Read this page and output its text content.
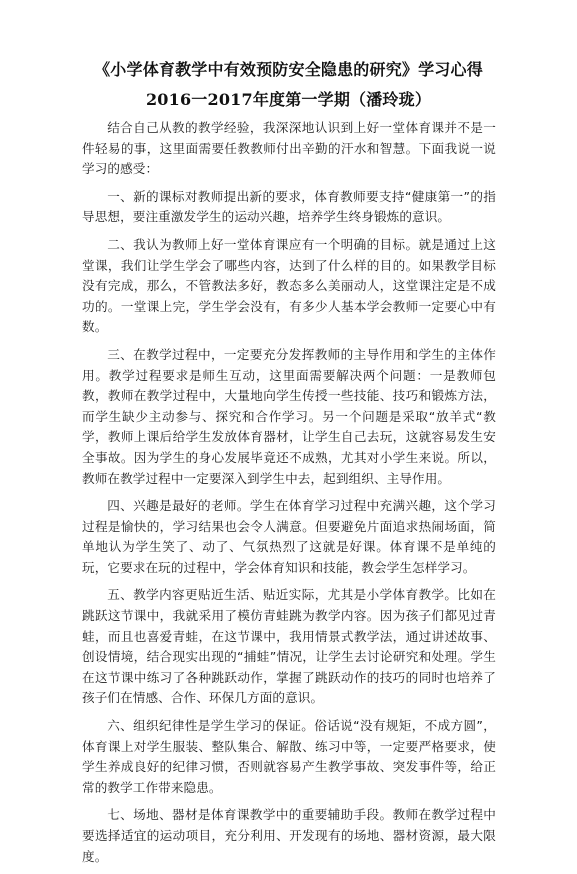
《小学体育教学中有效预防安全隐患的研究》学习心得
2016一2017年度第一学期（潘玲珑）

结合自己从教的教学经验，我深深地认识到上好一堂体育课并不是一件轻易的事，这里面需要任教教师付出辛勤的汗水和智慧。下面我说一说学习的感受：

一、新的课标对教师提出新的要求，体育教师要支持“健康第一”的指导思想，要注重激发学生的运动兴趣，培养学生终身锻炼的意识。

二、我认为教师上好一堂体育课应有一个明确的目标。就是通过上这堂课，我们让学生学会了哪些内容，达到了什么样的目的。如果教学目标没有完成，那么，不管教法多好，教态多么美丽动人，这堂课注定是不成功的。一堂课上完，学生学会没有，有多少人基本学会教师一定要心中有数。

三、在教学过程中，一定要充分发挥教师的主导作用和学生的主体作用。教学过程要求是师生互动，这里面需要解决两个问题：一是教师包教，教师在教学过程中，大量地向学生传授一些技能、技巧和锻炼方法，而学生缺少主动参与、探究和合作学习。另一个问题是采取“放羊式“教学，教师上课后给学生发放体育器材，让学生自己去玩，这就容易发生安全事故。因为学生的身心发展毕竟还不成熟，尤其对小学生来说。所以，教师在教学过程中一定要深入到学生中去，起到组织、主导作用。

四、兴趣是最好的老师。学生在体育学习过程中充满兴趣，这个学习过程是愉快的，学习结果也会令人满意。但要避免片面追求热闹场面，简单地认为学生笑了、动了、气氛热烈了这就是好课。体育课不是单纯的玩，它要求在玩的过程中，学会体育知识和技能，教会学生怎样学习。

五、教学内容更贴近生活、贴近实际，尤其是小学体育教学。比如在跳跃这节课中，我就采用了模仿青蛙跳为教学内容。因为孩子们都见过青蛙，而且也喜爱青蛙，在这节课中，我用情景式教学法，通过讲述故事、创设情境，结合现实出现的“捕蛙”情况，让学生去讨论研究和处理。学生在这节课中练习了各种跳跃动作，掌握了跳跃动作的技巧的同时也培养了孩子们在情感、合作、环保几方面的意识。

六、组织纪律性是学生学习的保证。俗话说“没有规矩，不成方圆”，体育课上对学生服装、整队集合、解散、练习中等，一定要严格要求，使学生养成良好的纪律习惯，否则就容易产生教学事故、突发事件等，给正常的教学工作带来隐患。

七、场地、器材是体育课教学中的重要辅助手段。教师在教学过程中要选择适宜的运动项目，充分利用、开发现有的场地、器材资源，最大限度。
